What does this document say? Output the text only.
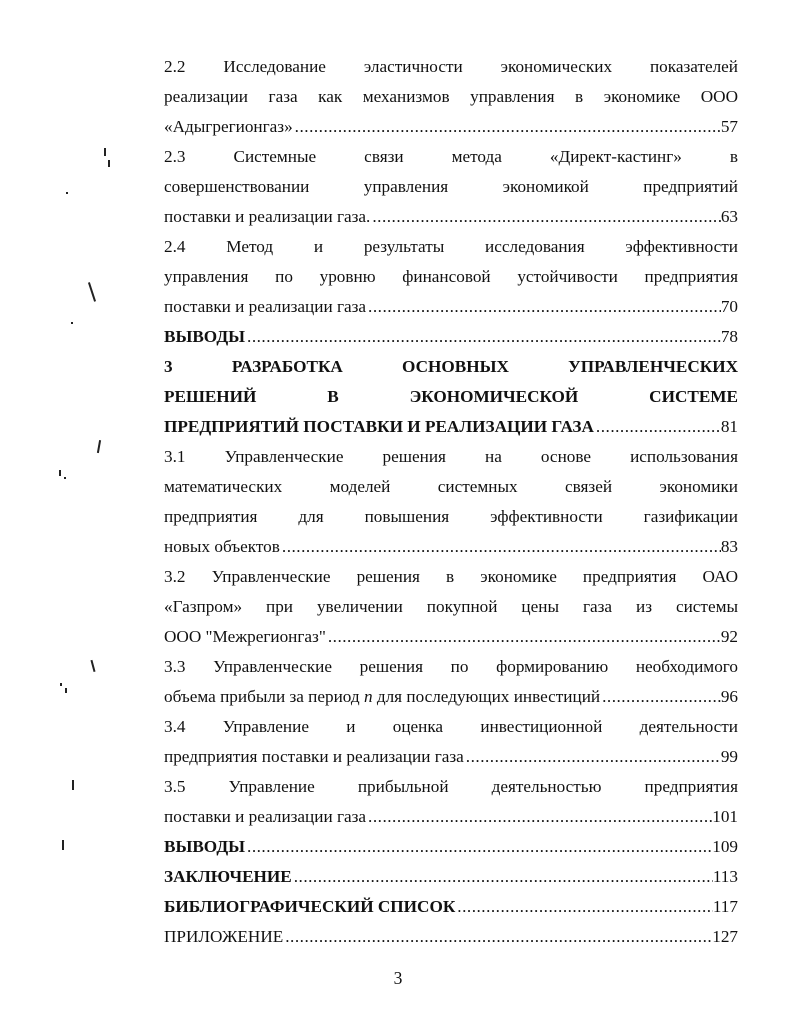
2.2 Исследование эластичности экономических показателей
реализации газа как механизмов управления в экономике ООО
«Адыгрегионгаз» .....	57
2.3 Системные связи метода «Директ-кастинг» в
совершенствовании управления экономикой предприятий
поставки и реализации газа. .....	63
2.4 Метод и результаты исследования эффективности
управления по уровню финансовой устойчивости предприятия
поставки и реализации газа .....	70
ВЫВОДЫ .....	78
3 РАЗРАБОТКА ОСНОВНЫХ УПРАВЛЕНЧЕСКИХ
РЕШЕНИЙ В ЭКОНОМИЧЕСКОЙ СИСТЕМЕ
ПРЕДПРИЯТИЙ ПОСТАВКИ И РЕАЛИЗАЦИИ ГАЗА .....	81
3.1 Управленческие решения на основе использования
математических моделей системных связей экономики
предприятия для повышения эффективности газификации
новых объектов .....	83
3.2 Управленческие решения в экономике предприятия ОАО
«Газпром» при увеличении покупной цены газа из системы
ООО "Межрегионгаз" .....	92
3.3 Управленческие решения по формированию необходимого
объема прибыли за период n для последующих инвестиций .....	96
3.4 Управление и оценка инвестиционной деятельности
предприятия поставки и реализации газа .....	99
3.5 Управление прибыльной деятельностью предприятия
поставки и реализации газа .....	101
ВЫВОДЫ .....	109
ЗАКЛЮЧЕНИЕ .....	113
БИБЛИОГРАФИЧЕСКИЙ СПИСОК .....	117
ПРИЛОЖЕНИЕ .....	127
3
